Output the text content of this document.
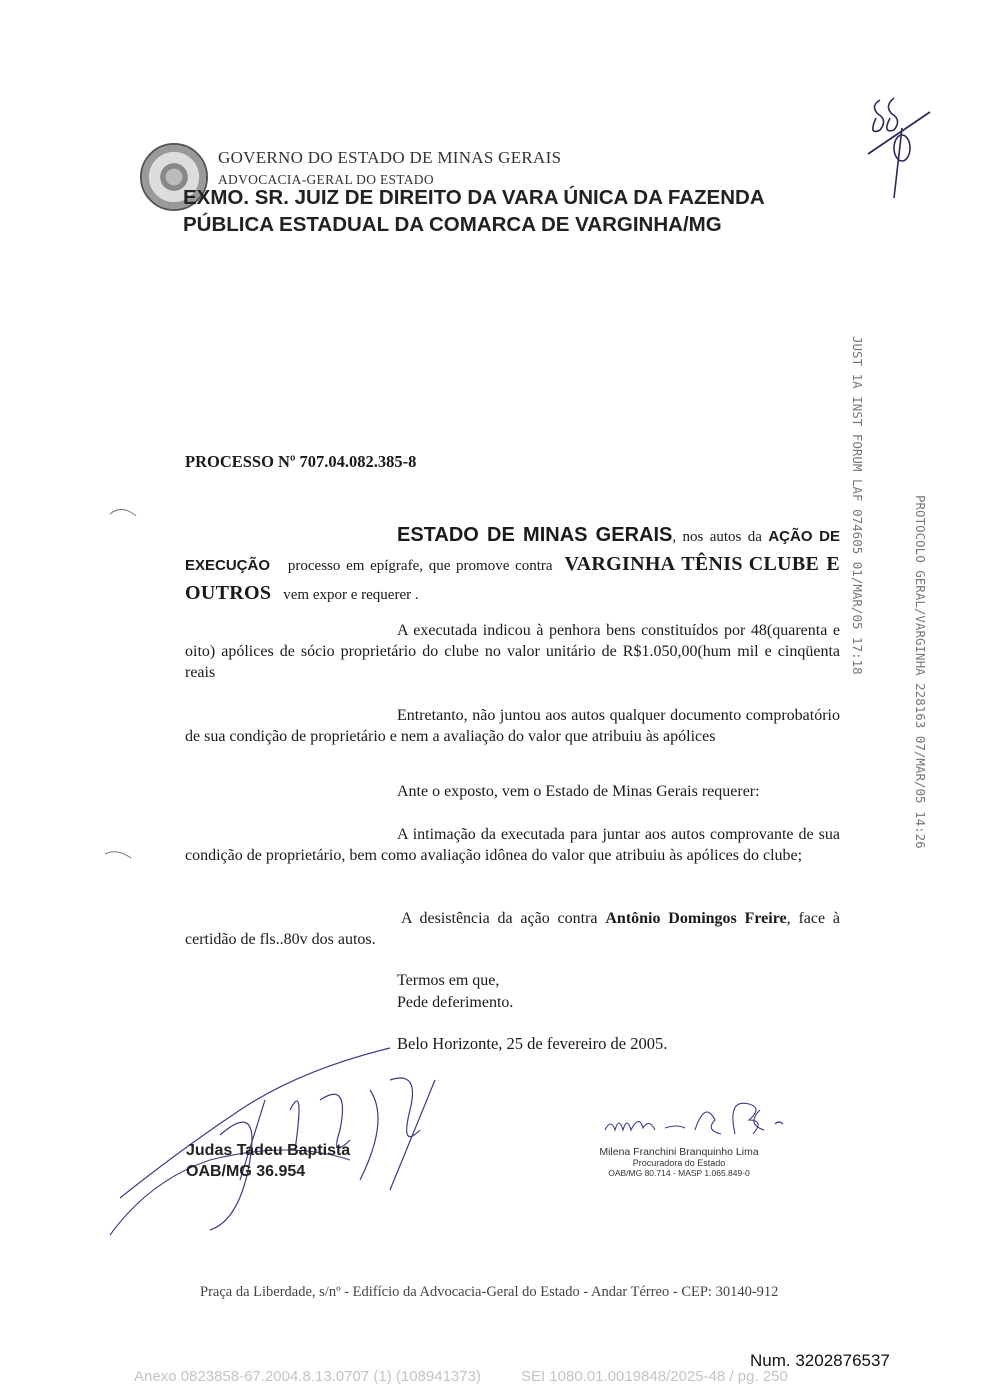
GOVERNO DO ESTADO DE MINAS GERAIS
ADVOCACIA-GERAL DO ESTADO
EXMO. SR. JUIZ DE DIREITO DA VARA ÚNICA DA FAZENDA PÚBLICA ESTADUAL DA COMARCA DE VARGINHA/MG
JUST 1A INST FORUM LAF 074605 01/MAR/05 17:18	PROTOCOLO GERAL/VARGINHA 228163 07/MAR/05 14:26
PROCESSO Nº 707.04.082.385-8
ESTADO DE MINAS GERAIS, nos autos da AÇÃO DE EXECUÇÃO processo em epígrafe, que promove contra VARGINHA TÊNIS CLUBE E OUTROS vem expor e requerer .
A executada indicou à penhora bens constituídos por 48(quarenta e oito) apólices de sócio proprietário do clube no valor unitário de R$1.050,00(hum mil e cinqüenta reais
Entretanto, não juntou aos autos qualquer documento comprobatório de sua condição de proprietário e nem a avaliação do valor que atribuiu às apólices
Ante o exposto, vem o Estado de Minas Gerais requerer:
A intimação da executada para juntar aos autos comprovante de sua condição de proprietário, bem como avaliação idônea do valor que atribuiu às apólices do clube;
A desistência da ação contra Antônio Domingos Freire, face à certidão de fls..80v dos autos.
Termos em que,
Pede deferimento.
Belo Horizonte, 25 de fevereiro de 2005.
Judas Tadeu Baptista
OAB/MG 36.954
Milena Franchini Branquinho Lima
Procuradora do Estado
OAB/MG 80.714 - MASP 1.065.849-0
Praça da Liberdade, s/nº - Edifício da Advocacia-Geral do Estado - Andar Térreo - CEP: 30140-912
Num. 3202876537
Anexo 0823858-67.2004.8.13.0707 (1) (108941373)	SEI 1080.01.0019848/2025-48 / pg. 250
